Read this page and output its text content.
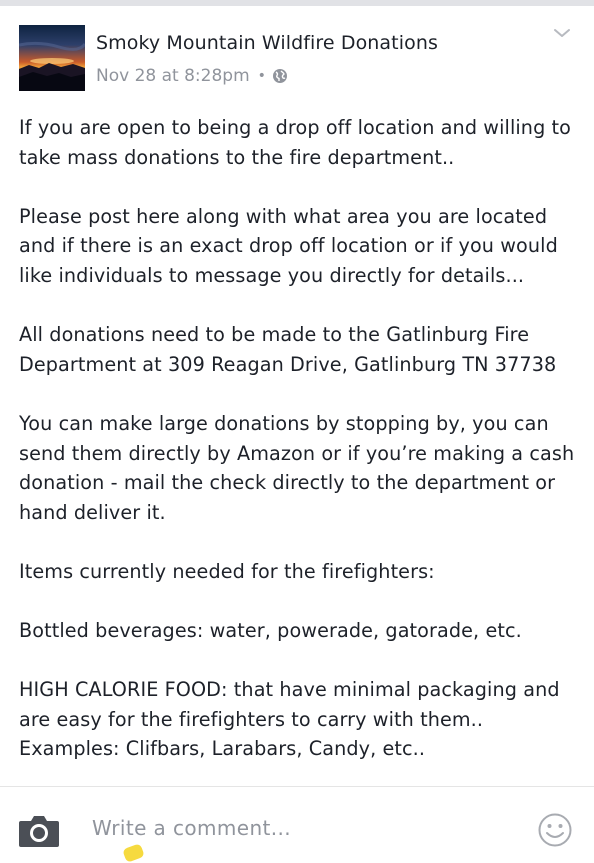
Smoky Mountain Wildfire Donations
Nov 28 at 8:28pm •

If you are open to being a drop off location and willing to take mass donations to the fire department..

Please post here along with what area you are located and if there is an exact drop off location or if you would like individuals to message you directly for details...

All donations need to be made to the Gatlinburg Fire Department at 309 Reagan Drive, Gatlinburg TN 37738

You can make large donations by stopping by, you can send them directly by Amazon or if you’re making a cash donation - mail the check directly to the department or hand deliver it.

Items currently needed for the firefighters:

Bottled beverages: water, powerade, gatorade, etc.

HIGH CALORIE FOOD: that have minimal packaging and are easy for the firefighters to carry with them.. Examples: Clifbars, Larabars, Candy, etc..

Write a comment...
